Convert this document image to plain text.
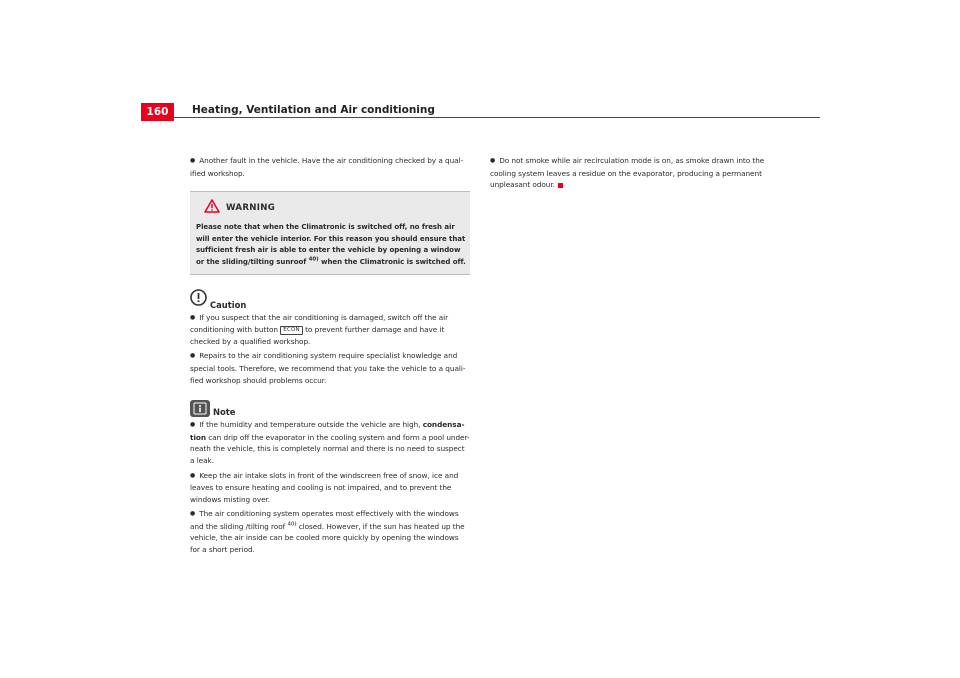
160	Heating, Ventilation and Air conditioning

● Another fault in the vehicle. Have the air conditioning checked by a qual-ified workshop.

WARNING

Please note that when the Climatronic is switched off, no fresh air will enter the vehicle interior. For this reason you should ensure that sufficient fresh air is able to enter the vehicle by opening a window or the sliding/tilting sunroof $^{40)}$ when the Climatronic is switched off.

Caution

● If you suspect that the air conditioning is damaged, switch off the air conditioning with button ECON to prevent further damage and have it checked by a qualified workshop.

● Repairs to the air conditioning system require specialist knowledge and special tools. Therefore, we recommend that you take the vehicle to a quali-fied workshop should problems occur.

Note

● If the humidity and temperature outside the vehicle are high, condensa-tion can drip off the evaporator in the cooling system and form a pool under-neath the vehicle, this is completely normal and there is no need to suspect a leak.

● Keep the air intake slots in front of the windscreen free of snow, ice and leaves to ensure heating and cooling is not impaired, and to prevent the windows misting over.

● The air conditioning system operates most effectively with the windows and the sliding /tilting roof $^{40)}$ closed. However, if the sun has heated up the vehicle, the air inside can be cooled more quickly by opening the windows for a short period.

● Do not smoke while air recirculation mode is on, as smoke drawn into the cooling system leaves a residue on the evaporator, producing a permanent unpleasant odour.
